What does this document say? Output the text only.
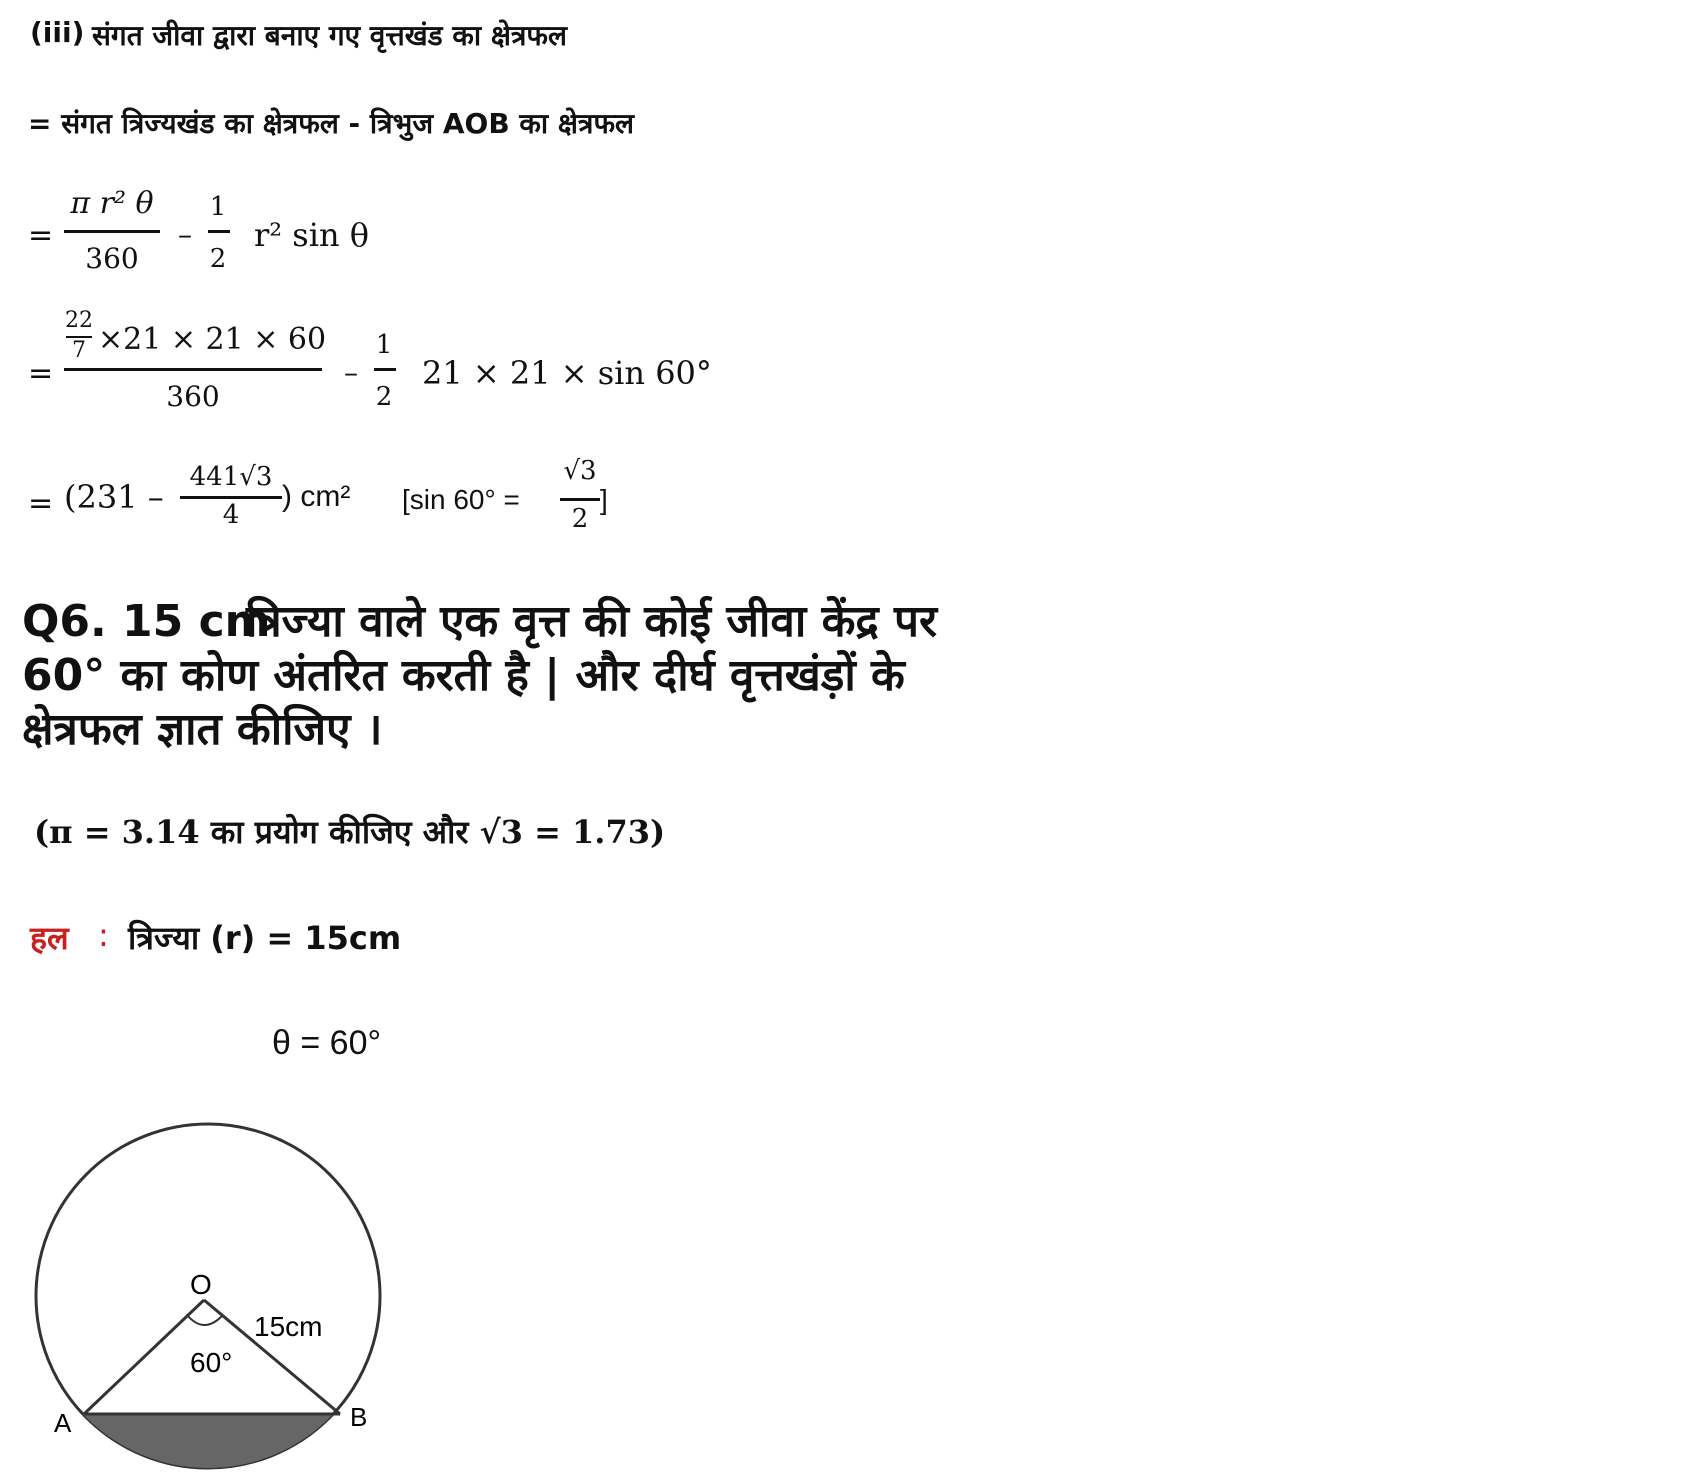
(iii) संगत जीवा द्वारा बनाए गए वृत्तखंड का क्षेत्रफल
= संगत त्रिज्यखंड का क्षेत्रफल - त्रिभुज AOB का क्षेत्रफल
=
π r² θ
360
–
1
2
r² sin θ
=
22
7 ×21 × 21 × 60
360
–
1
2
21 × 21 × sin 60°
= (231 –
441√3
4
) cm² [sin 60° =
√3
2
]
Q6. 15 cm
त्रिज्या वाले एक वृत्त की कोई जीवा केंद्र पर
60° का कोण अंतरित करती है | और दीर्घ वृत्तखंड़ों के
क्षेत्रफल ज्ञात कीजिए ।
(π = 3.14 का प्रयोग कीजिए और √3 = 1.73)
हल : त्रिज्या (r) = 15cm
θ = 60°
O
15cm
60°
A	B
